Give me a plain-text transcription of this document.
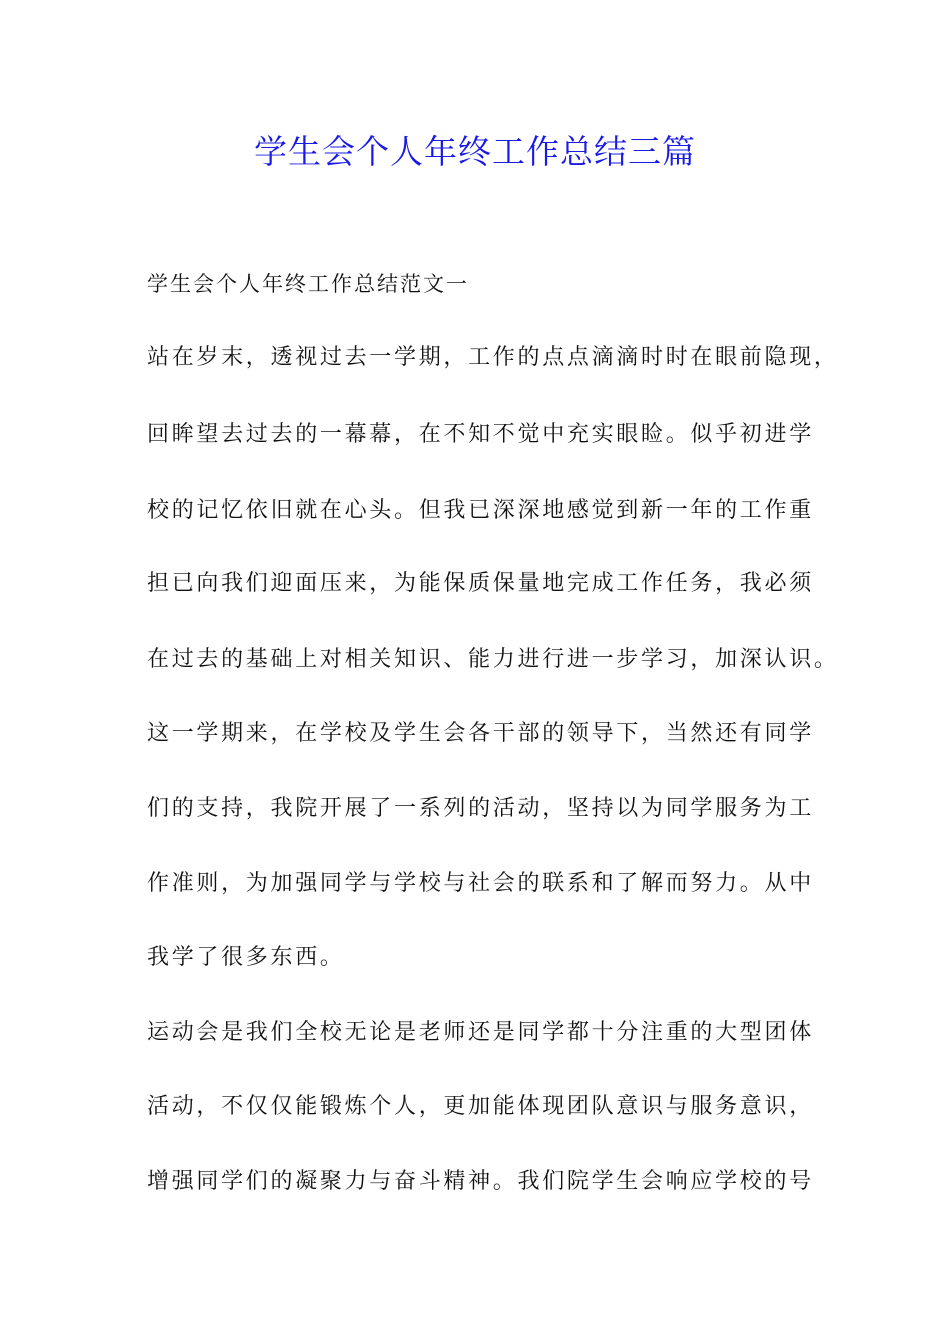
学生会个人年终工作总结三篇
学生会个人年终工作总结范文一
站在岁末，透视过去一学期，工作的点点滴滴时时在眼前隐现，
回眸望去过去的一幕幕，在不知不觉中充实眼睑。似乎初进学
校的记忆依旧就在心头。但我已深深地感觉到新一年的工作重
担已向我们迎面压来，为能保质保量地完成工作任务，我必须
在过去的基础上对相关知识、能力进行进一步学习，加深认识。
这一学期来，在学校及学生会各干部的领导下，当然还有同学
们的支持，我院开展了一系列的活动，坚持以为同学服务为工
作准则，为加强同学与学校与社会的联系和了解而努力。从中
我学了很多东西。
运动会是我们全校无论是老师还是同学都十分注重的大型团体
活动，不仅仅能锻炼个人，更加能体现团队意识与服务意识，
增强同学们的凝聚力与奋斗精神。我们院学生会响应学校的号
